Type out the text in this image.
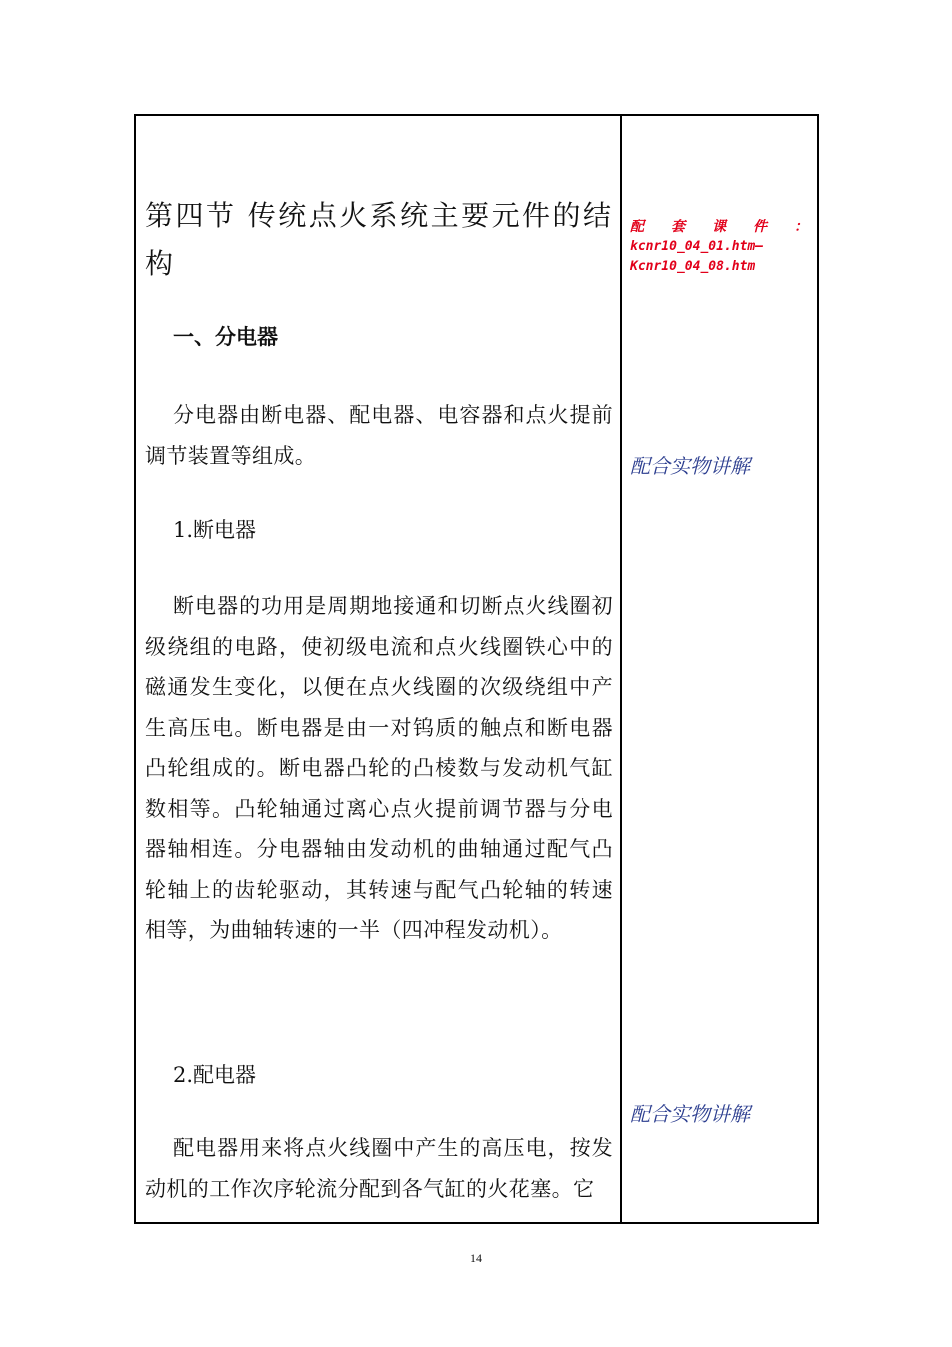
第四节 传统点火系统主要元件的结构
一、分电器

分电器由断电器、配电器、电容器和点火提前调节装置等组成。

1.断电器

断电器的功用是周期地接通和切断点火线圈初级绕组的电路，使初级电流和点火线圈铁心中的磁通发生变化，以便在点火线圈的次级绕组中产生高压电。断电器是由一对钨质的触点和断电器凸轮组成的。断电器凸轮的凸棱数与发动机气缸数相等。凸轮轴通过离心点火提前调节器与分电器轴相连。分电器轴由发动机的曲轴通过配气凸轮轴上的齿轮驱动，其转速与配气凸轮轴的转速相等，为曲轴转速的一半（四冲程发动机）。

2.配电器

配电器用来将点火线圈中产生的高压电，按发动机的工作次序轮流分配到各气缸的火花塞。它

配 套 课 件 ：
kcnr10_04_01.htm—
Kcnr10_04_08.htm
配合实物讲解
配合实物讲解
14
